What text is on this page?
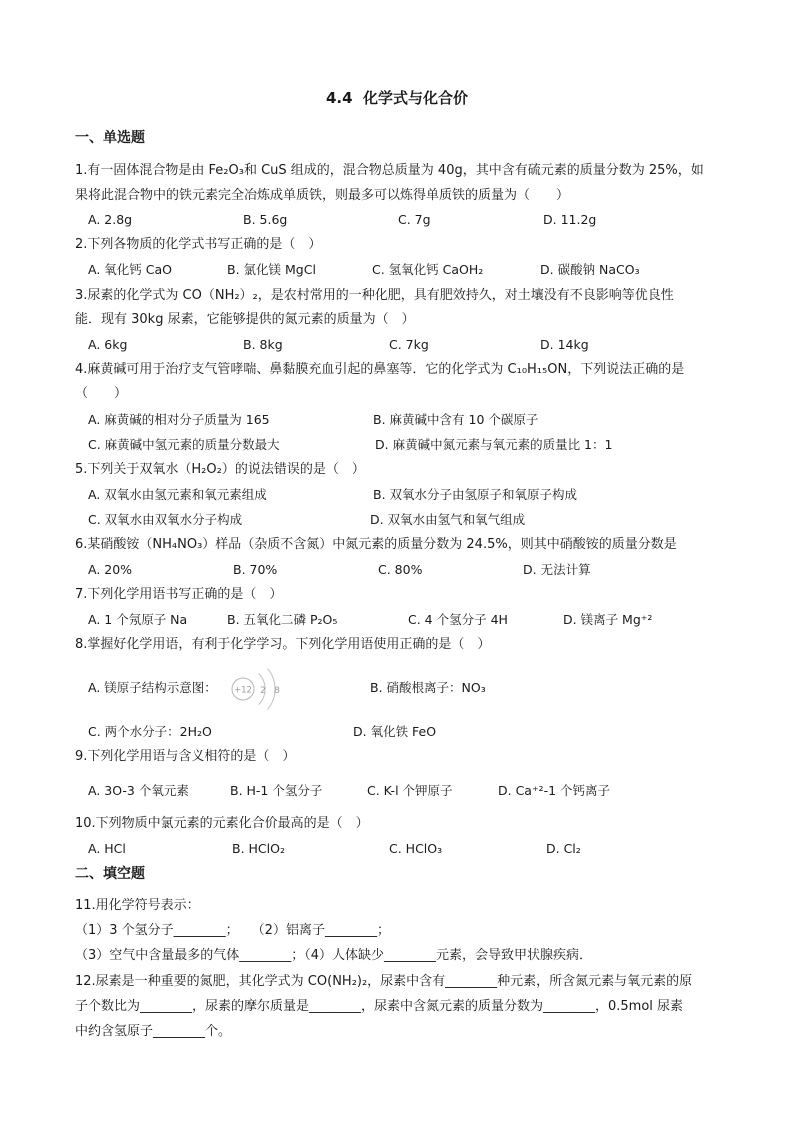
4.4  化学式与化合价
一、单选题
1.有一固体混合物是由 Fe₂O₃和 CuS 组成的，混合物总质量为 40g，其中含有硫元素的质量分数为 25%，如
果将此混合物中的铁元素完全冶炼成单质铁，则最多可以炼得单质铁的质量为（　　）
A. 2.8g	B. 5.6g	C. 7g	D. 11.2g
2.下列各物质的化学式书写正确的是（　）
A. 氧化钙 CaO	B. 氯化镁 MgCl	C. 氢氧化钙 CaOH₂	D. 碳酸钠 NaCO₃
3.尿素的化学式为 CO（NH₂）₂，是农村常用的一种化肥，具有肥效持久，对土壤没有不良影响等优良性
能．现有 30kg 尿素，它能够提供的氮元素的质量为（　）
A. 6kg	B. 8kg	C. 7kg	D. 14kg
4.麻黄碱可用于治疗支气管哮喘、鼻黏膜充血引起的鼻塞等．它的化学式为 C₁₀H₁₅ON，下列说法正确的是
（　　）
A. 麻黄碱的相对分子质量为 165	B. 麻黄碱中含有 10 个碳原子
C. 麻黄碱中氢元素的质量分数最大	D. 麻黄碱中氮元素与氧元素的质量比 1：1
5.下列关于双氧水（H₂O₂）的说法错误的是（　）
A. 双氧水由氢元素和氧元素组成	B. 双氧水分子由氢原子和氧原子构成
C. 双氧水由双氧水分子构成	D. 双氧水由氢气和氧气组成
6.某硝酸铵（NH₄NO₃）样品（杂质不含氮）中氮元素的质量分数为 24.5%，则其中硝酸铵的质量分数是
A. 20%	B. 70%	C. 80%	D. 无法计算
7.下列化学用语书写正确的是（　）
A. 1 个氖原子 Na	B. 五氧化二磷 P₂O₅	C. 4 个氢分子 4H	D. 镁离子 Mg⁺²
8.掌握好化学用语，有利于化学学习。下列化学用语使用正确的是（　）
A. 镁原子结构示意图： +12 2 8	B. 硝酸根离子：NO₃
C. 两个水分子：2H₂O	D. 氧化铁 FeO
9.下列化学用语与含义相符的是（　）
A. 3O-3 个氧元素	B. H-1 个氢分子	C. K-l 个钾原子	D. Ca⁺²-1 个钙离子
10.下列物质中氯元素的元素化合价最高的是（　）
A. HCl	B. HClO₂	C. HClO₃	D. Cl₂
二、填空题
11.用化学符号表示：
（1）3 个氢分子________；　　（2）铝离子________；
（3）空气中含量最多的气体________；（4）人体缺少________元素，会导致甲状腺疾病．
12.尿素是一种重要的氮肥，其化学式为 CO(NH₂)₂，尿素中含有________种元素，所含氮元素与氧元素的原
子个数比为________，尿素的摩尔质量是________，尿素中含氮元素的质量分数为________，0.5mol 尿素
中约含氢原子________个。
